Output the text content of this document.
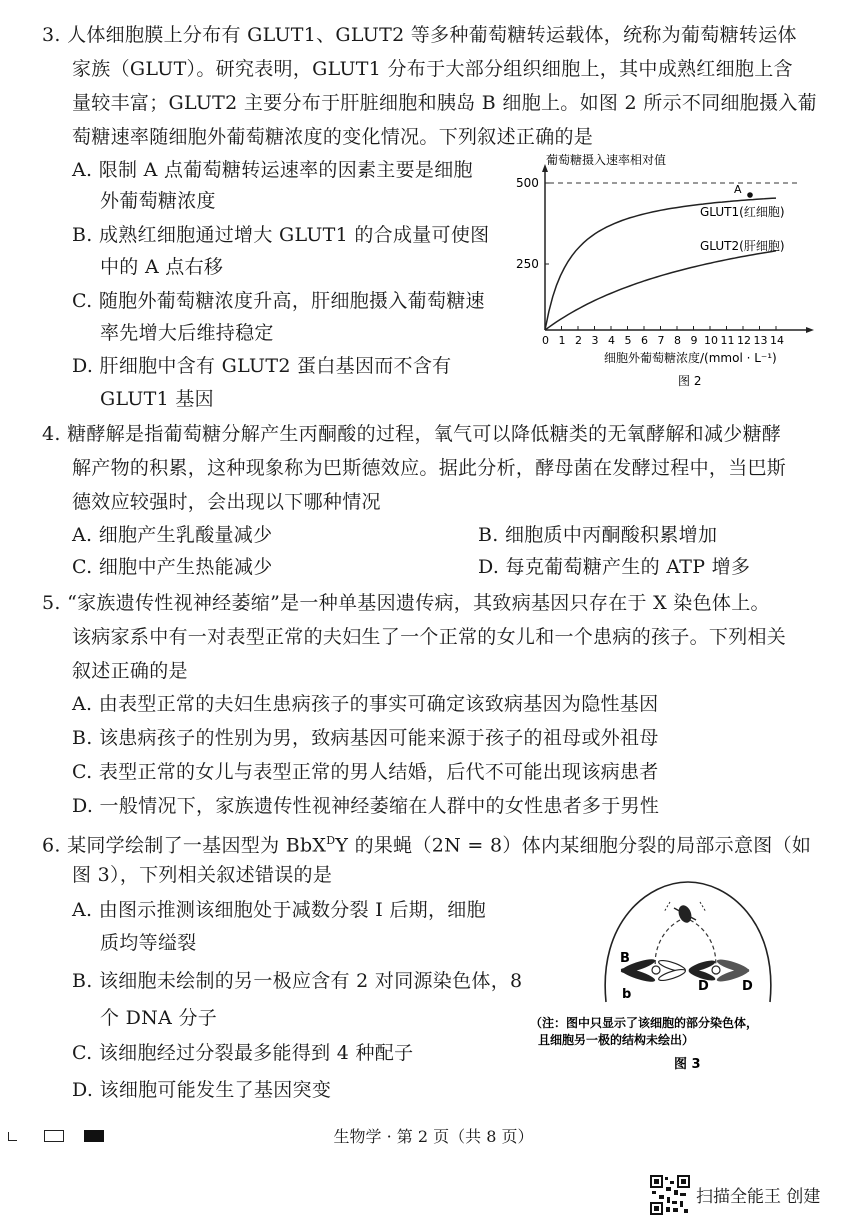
3. 人体细胞膜上分布有 GLUT1、GLUT2 等多种葡萄糖转运载体，统称为葡萄糖转运体
家族（GLUT）。研究表明，GLUT1 分布于大部分组织细胞上，其中成熟红细胞上含
量较丰富；GLUT2 主要分布于肝脏细胞和胰岛 B 细胞上。如图 2 所示不同细胞摄入葡
萄糖速率随细胞外葡萄糖浓度的变化情况。下列叙述正确的是
A. 限制 A 点葡萄糖转运速率的因素主要是细胞
外葡萄糖浓度
B. 成熟红细胞通过增大 GLUT1 的合成量可使图
中的 A 点右移
C. 随胞外葡萄糖浓度升高，肝细胞摄入葡萄糖速
率先增大后维持稳定
D. 肝细胞中含有 GLUT2 蛋白基因而不含有
GLUT1 基因
葡萄糖摄入速率相对值
500
250
0 1 2 3 4 5 6 7 8 9 10 11 12 13 14
A
GLUT1(红细胞)
GLUT2(肝细胞)
细胞外葡萄糖浓度/(mmol · L⁻¹)
图 2
4. 糖酵解是指葡萄糖分解产生丙酮酸的过程，氧气可以降低糖类的无氧酵解和减少糖酵
解产物的积累，这种现象称为巴斯德效应。据此分析，酵母菌在发酵过程中，当巴斯
德效应较强时，会出现以下哪种情况
A. 细胞产生乳酸量减少	B. 细胞质中丙酮酸积累增加
C. 细胞中产生热能减少	D. 每克葡萄糖产生的 ATP 增多
5. “家族遗传性视神经萎缩”是一种单基因遗传病，其致病基因只存在于 X 染色体上。
该病家系中有一对表型正常的夫妇生了一个正常的女儿和一个患病的孩子。下列相关
叙述正确的是
A. 由表型正常的夫妇生患病孩子的事实可确定该致病基因为隐性基因
B. 该患病孩子的性别为男，致病基因可能来源于孩子的祖母或外祖母
C. 表型正常的女儿与表型正常的男人结婚，后代不可能出现该病患者
D. 一般情况下，家族遗传性视神经萎缩在人群中的女性患者多于男性
6. 某同学绘制了一基因型为 BbX$^D$Y 的果蝇（2N = 8）体内某细胞分裂的局部示意图（如
图 3），下列相关叙述错误的是
A. 由图示推测该细胞处于减数分裂 Ⅰ 后期，细胞
质均等缢裂
B. 该细胞未绘制的另一极应含有 2 对同源染色体，8
个 DNA 分子
C. 该细胞经过分裂最多能得到 4 种配子
D. 该细胞可能发生了基因突变
B
b
D	D
（注：图中只显示了该细胞的部分染色体，
且细胞另一极的结构未绘出）
图 3
生物学 · 第 2 页（共 8 页）
扫描全能王 创建
